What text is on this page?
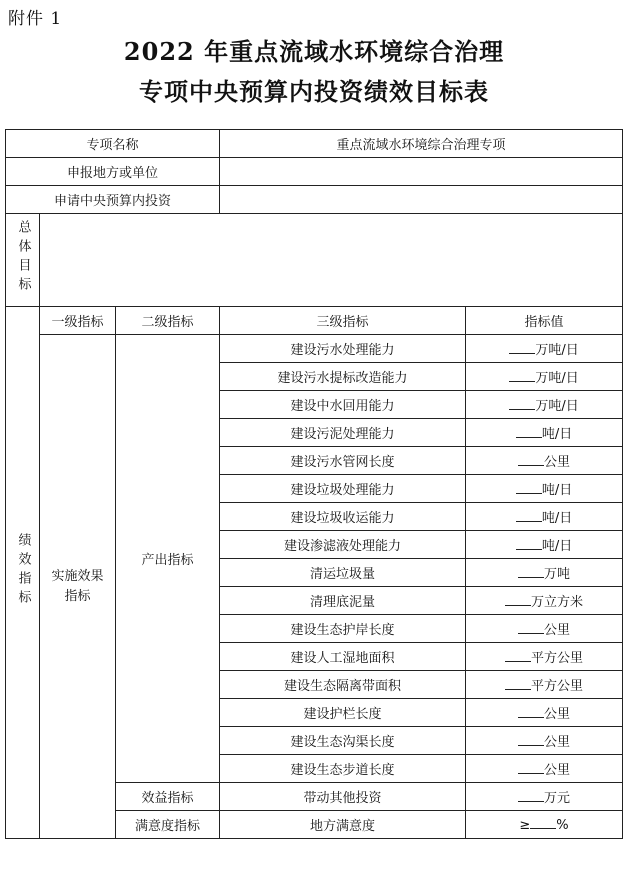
附件 1
2022 年重点流域水环境综合治理
专项中央预算内投资绩效目标表
专项名称			重点流域水环境综合治理专项	
申报地方或单位				
申请中央预算内投资				
总体目标				
绩效指标	一级指标	二级指标	三级指标	指标值
	实施效果指标	产出指标	建设污水处理能力	万吨/日
			建设污水提标改造能力	万吨/日
			建设中水回用能力	万吨/日
			建设污泥处理能力	吨/日
			建设污水管网长度	公里
			建设垃圾处理能力	吨/日
			建设垃圾收运能力	吨/日
			建设渗滤液处理能力	吨/日
			清运垃圾量	万吨
			清理底泥量	万立方米
			建设生态护岸长度	公里
			建设人工湿地面积	平方公里
			建设生态隔离带面积	平方公里
			建设护栏长度	公里
			建设生态沟渠长度	公里
			建设生态步道长度	公里
		效益指标	带动其他投资	万元
		满意度指标	地方满意度	≥ %
